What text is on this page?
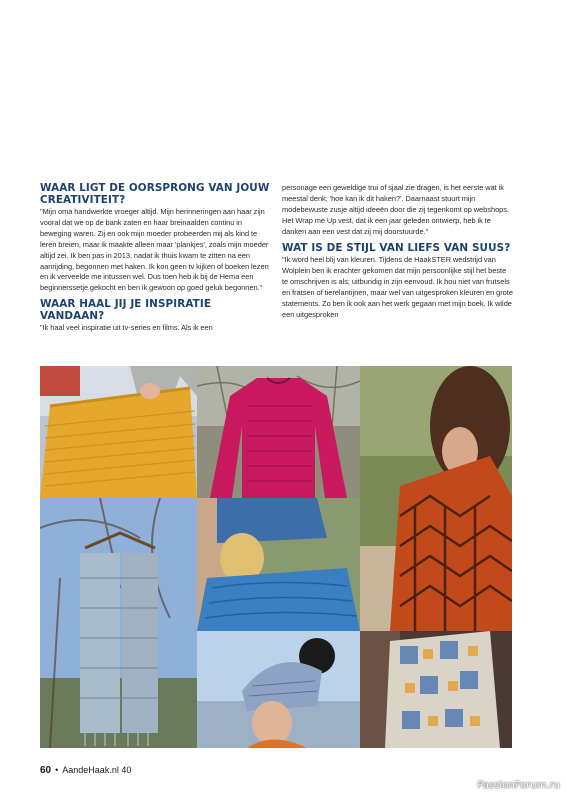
WAAR LIGT DE OORSPRONG VAN JOUW CREATIVITEIT?

"Mijn oma handwerkte vroeger altijd. Mijn herinneringen aan haar zijn vooral dat we op de bank zaten en haar breinaalden continu in beweging waren. Zij en ook mijn moeder probeerden mij als kind te leren breien, maar ik maakte alleen maar 'plankjes', zoals mijn moeder altijd zei. Ik ben pas in 2013, nadat ik thuis kwam te zitten na een aanrijding, begonnen met haken. Ik kon geen tv kijken of boeken lezen en ik verveelde me intussen wel. Dus toen heb ik bij de Hema een beginnerssetje gekocht en ben ik gewoon op goed geluk begonnen."

WAAR HAAL JIJ JE INSPIRATIE VANDAAN?

"Ik haal veel inspiratie uit tv-series en films. Als ik een

personage een geweldige trui of sjaal zie dragen, is het eerste wat ik meestal denk; 'hoe kan ik dit haken?'. Daarnaast stuurt mijn modebewuste zusje altijd ideeën door die zij tegenkomt op webshops. Het Wrap me Up vest, dat ik een jaar geleden ontwierp, heb ik te danken aan een vest dat zij mij doorstuurde."

WAT IS DE STIJL VAN LIEFS VAN SUUS?

"Ik word heel blij van kleuren. Tijdens de HaakSTER wedstrijd van Wolplein ben ik erachter gekomen dat mijn persoonlijke stijl het beste te omschrijven is als; uitbundig in zijn eenvoud. Ik hou niet van frutsels en fratsen of tierelantijnen, maar wel van uitgesproken kleuren en grote statements. Zo ben ik ook aan het werk gegaan met mijn boek. Ik wilde een uitgesproken

60 • AandeHaak.nl 40
PassionForum.ru
